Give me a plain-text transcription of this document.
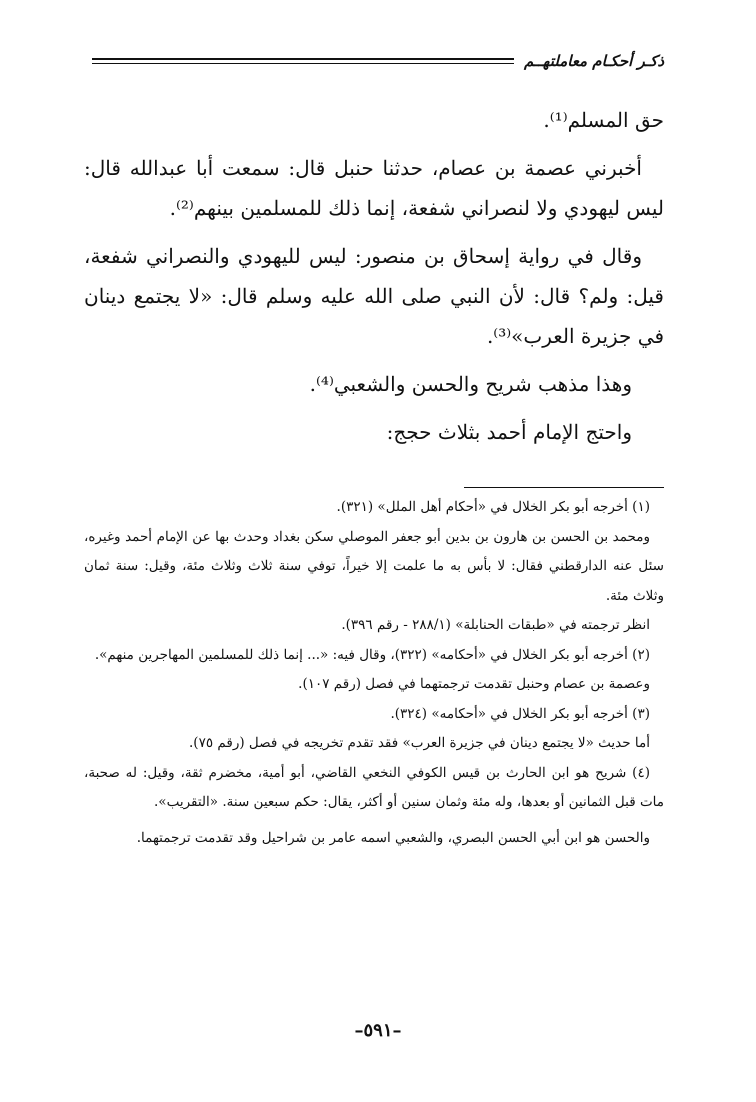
ذكـر أحكـام معاملتهــم

حق المسلم⁽¹⁾.

أخبرني عصمة بن عصام، حدثنا حنبل قال: سمعت أبا عبدالله قال: ليس ليهودي ولا لنصراني شفعة، إنما ذلك للمسلمين بينهم⁽²⁾.

وقال في رواية إسحاق بن منصور: ليس لليهودي والنصراني شفعة، قيل: ولم؟ قال: لأن النبي صلى الله عليه وسلم قال: «لا يجتمع دينان في جزيرة العرب»⁽³⁾.

وهذا مذهب شريح والحسن والشعبي⁽⁴⁾.

واحتج الإمام أحمد بثلاث حجج:

(١) أخرجه أبو بكر الخلال في «أحكام أهل الملل» (٣٢١).

ومحمد بن الحسن بن هارون بن بدين أبو جعفر الموصلي سكن بغداد وحدث بها عن الإمام أحمد وغيره، سئل عنه الدارقطني فقال: لا بأس به ما علمت إلا خيراً، توفي سنة ثلاث وثلاث مئة، وقيل: سنة ثمان وثلاث مئة.

انظر ترجمته في «طبقات الحنابلة» (٢٨٨/١ - رقم ٣٩٦).

(٢) أخرجه أبو بكر الخلال في «أحكامه» (٣٢٢)، وقال فيه: «... إنما ذلك للمسلمين المهاجرين منهم».

وعصمة بن عصام وحنبل تقدمت ترجمتهما في فصل (رقم ١٠٧).

(٣) أخرجه أبو بكر الخلال في «أحكامه» (٣٢٤).

أما حديث «لا يجتمع دينان في جزيرة العرب» فقد تقدم تخريجه في فصل (رقم ٧٥).

(٤) شريح هو ابن الحارث بن قيس الكوفي النخعي القاضي، أبو أمية، مخضرم ثقة، وقيل: له صحبة، مات قبل الثمانين أو بعدها، وله مئة وثمان سنين أو أكثر، يقال: حكم سبعين سنة. «التقريب».

والحسن هو ابن أبي الحسن البصري، والشعبي اسمه عامر بن شراحيل وقد تقدمت ترجمتهما.

–٥٩١–
